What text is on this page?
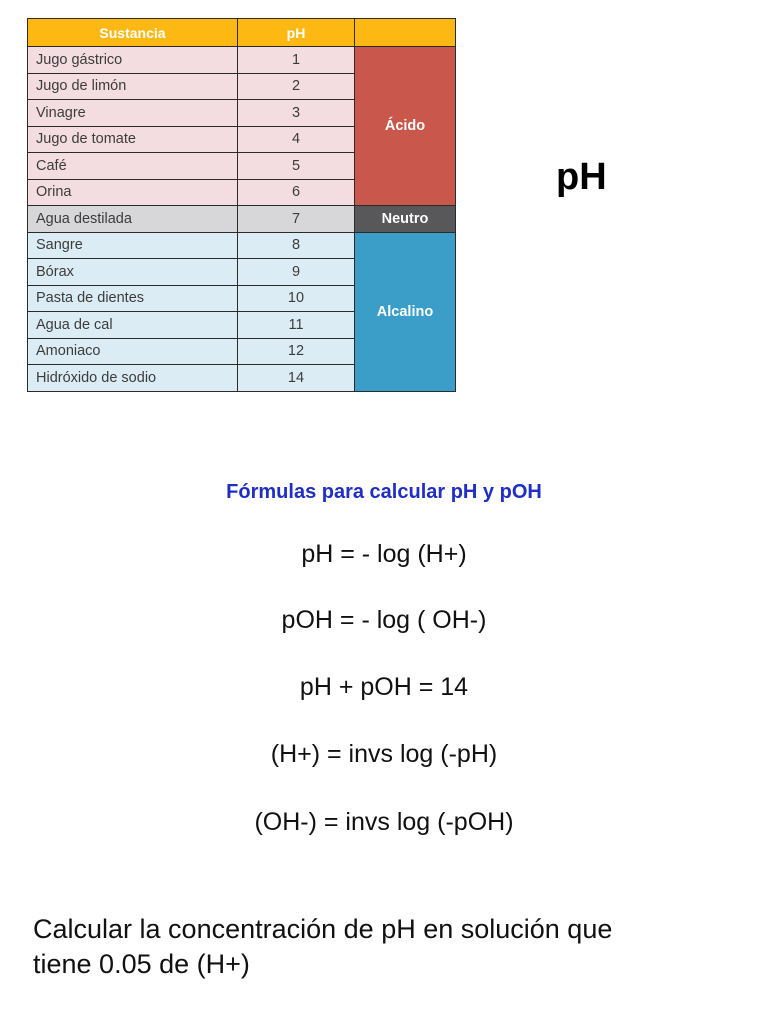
Sustancia	pH	
Jugo gástrico	1	Ácido
Jugo de limón	2	
Vinagre	3	
Jugo de tomate	4	
Café	5	
Orina	6	
Agua destilada	7	Neutro
Sangre	8	Alcalino
Bórax	9	
Pasta de dientes	10	
Agua de cal	11	
Amoniaco	12	
Hidróxido de sodio	14	
pH
Fórmulas para calcular pH y pOH
pH = - log (H+)
pOH = - log ( OH-)
pH + pOH = 14
(H+) = invs log (-pH)
(OH-) = invs log (-pOH)
Calcular la concentración de pH en solución que
tiene 0.05 de (H+)
